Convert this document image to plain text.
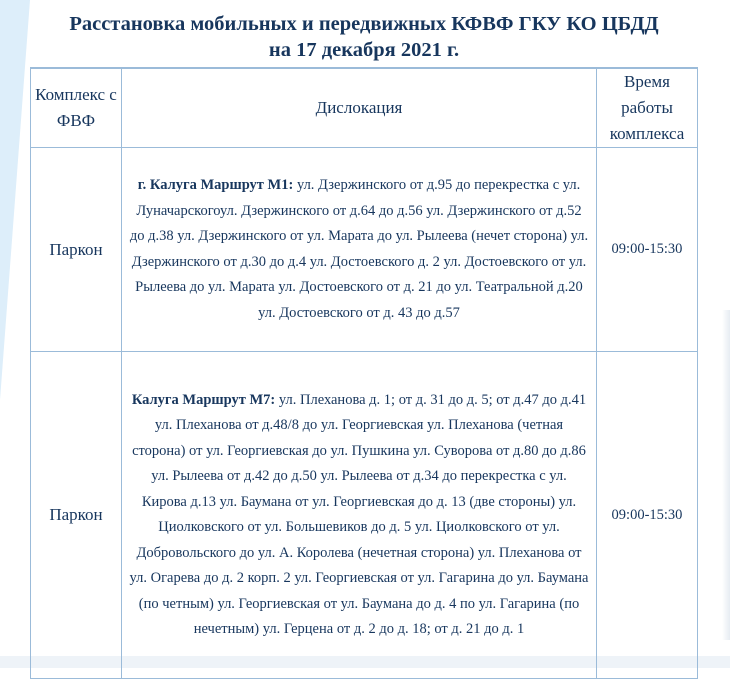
Расстановка мобильных и передвижных КФВФ ГКУ КО ЦБДД
на 17 декабря 2021 г.
Комплекс с ФВФ	Дислокация	Время работы комплекса
Паркон	г. Калуга Маршрут М1: ул. Дзержинского от д.95 до перекрестка с ул. Луначарскогоул. Дзержинского от д.64 до д.56 ул. Дзержинского от д.52 до д.38 ул. Дзержинского от ул. Марата до ул. Рылеева (нечет сторона) ул. Дзержинского от д.30 до д.4 ул. Достоевского д. 2 ул. Достоевского от ул. Рылеева до ул. Марата ул. Достоевского от д. 21 до ул. Театральной д.20 ул. Достоевского от д. 43 до д.57	09:00-15:30
Паркон	Калуга Маршрут М7: ул. Плеханова д. 1; от д. 31 до д. 5; от д.47 до д.41 ул. Плеханова от д.48/8 до ул. Георгиевская ул. Плеханова (четная сторона) от ул. Георгиевская до ул. Пушкина ул. Суворова от д.80 до д.86 ул. Рылеева от д.42 до д.50 ул. Рылеева от д.34 до перекрестка с ул. Кирова д.13 ул. Баумана от ул. Георгиевская до д. 13 (две стороны) ул. Циолковского от ул. Большевиков до д. 5 ул. Циолковского от ул. Добровольского до ул. А. Королева (нечетная сторона) ул. Плеханова от ул. Огарева до д. 2 корп. 2 ул. Георгиевская от ул. Гагарина до ул. Баумана (по четным) ул. Георгиевская от ул. Баумана до д. 4 по ул. Гагарина (по нечетным) ул. Герцена от д. 2 до д. 18; от д. 21 до д. 1	09:00-15:30
